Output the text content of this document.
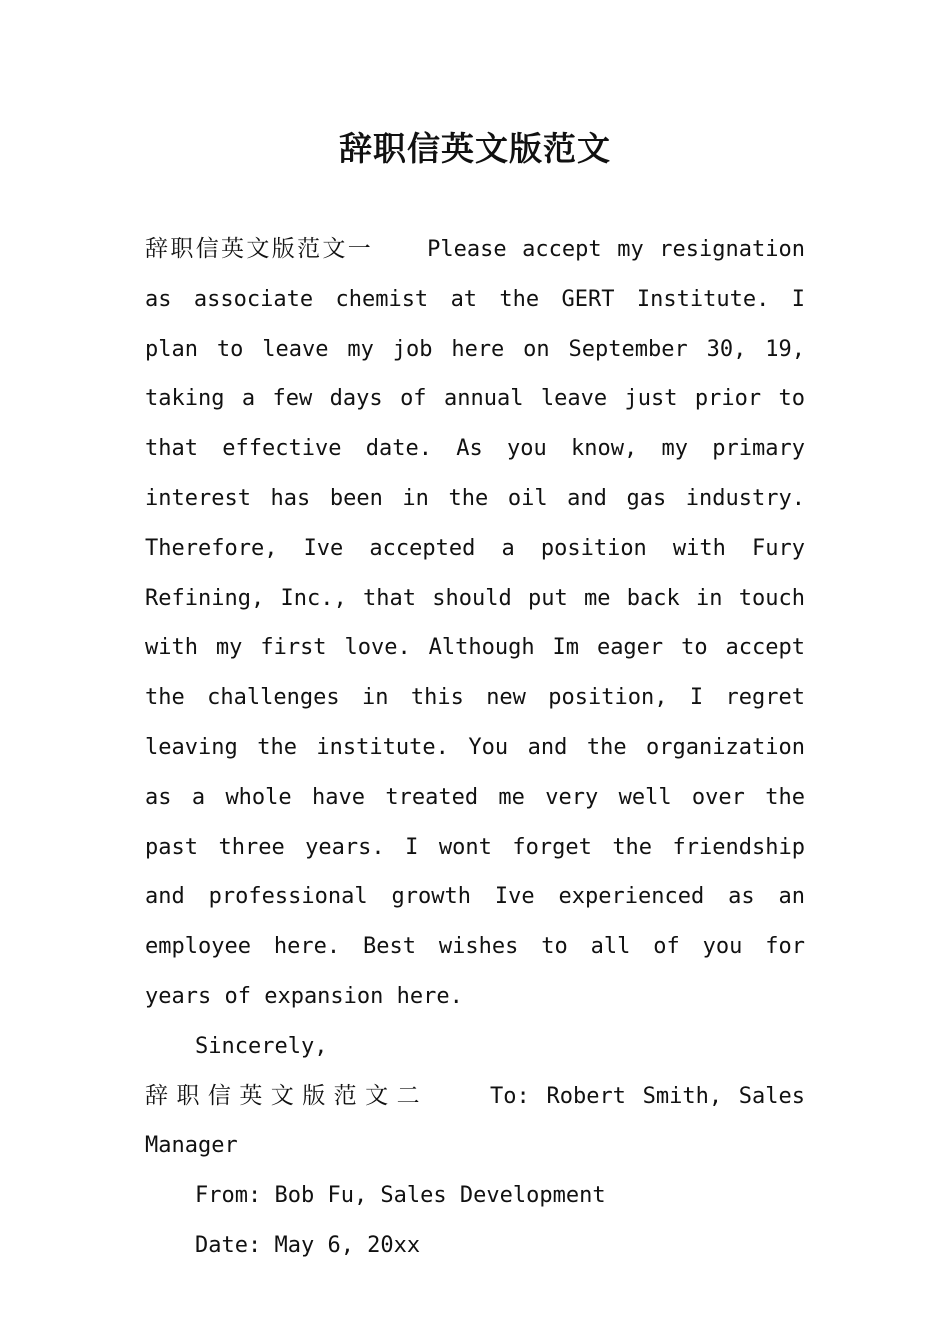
辞职信英文版范文

辞职信英文版范文一 Please accept my resignation as associate chemist at the GERT Institute. I plan to leave my job here on September 30, 19, taking a few days of annual leave just prior to that effective date. As you know, my primary interest has been in the oil and gas industry. Therefore, Ive accepted a position with Fury Refining, Inc., that should put me back in touch with my first love. Although Im eager to accept the challenges in this new position, I regret leaving the institute. You and the organization as a whole have treated me very well over the past three years. I wont forget the friendship and professional growth Ive experienced as an employee here. Best wishes to all of you for years of expansion here.

Sincerely,

辞职信英文版范文二	To: Robert Smith, Sales Manager

From: Bob Fu, Sales Development

Date: May 6, 20xx
